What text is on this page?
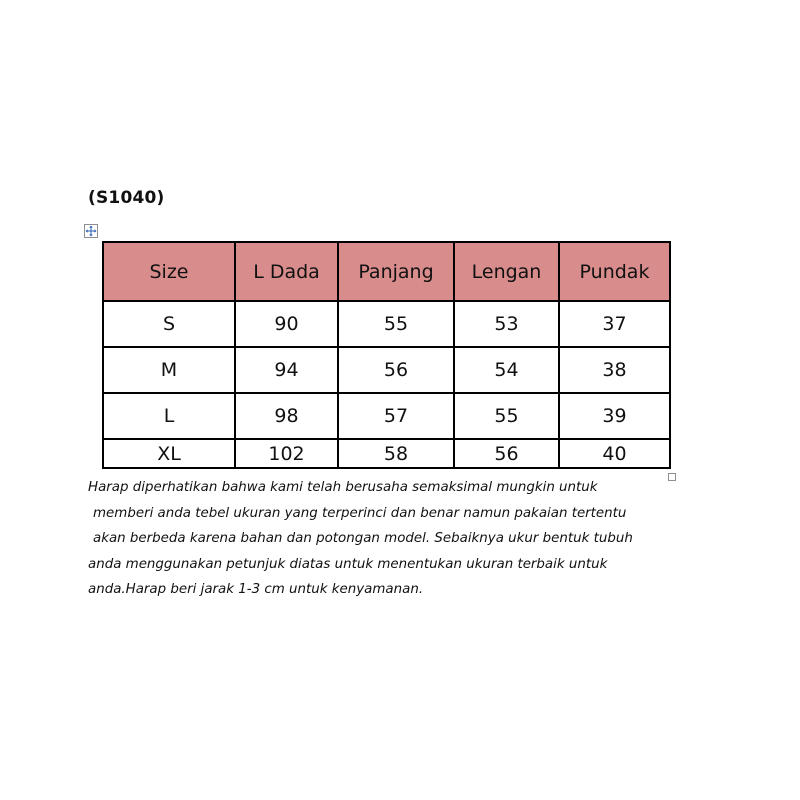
(S1040)
Size	L Dada	Panjang	Lengan	Pundak
S	90	55	53	37
M	94	56	54	38
L	98	57	55	39
XL	102	58	56	40
Harap diperhatikan bahwa kami telah berusaha semaksimal mungkin untuk
memberi anda tebel ukuran yang terperinci dan benar namun pakaian tertentu
akan berbeda karena bahan dan potongan model. Sebaiknya ukur bentuk tubuh
anda menggunakan petunjuk diatas untuk menentukan ukuran terbaik untuk
anda.Harap beri jarak 1-3 cm untuk kenyamanan.
